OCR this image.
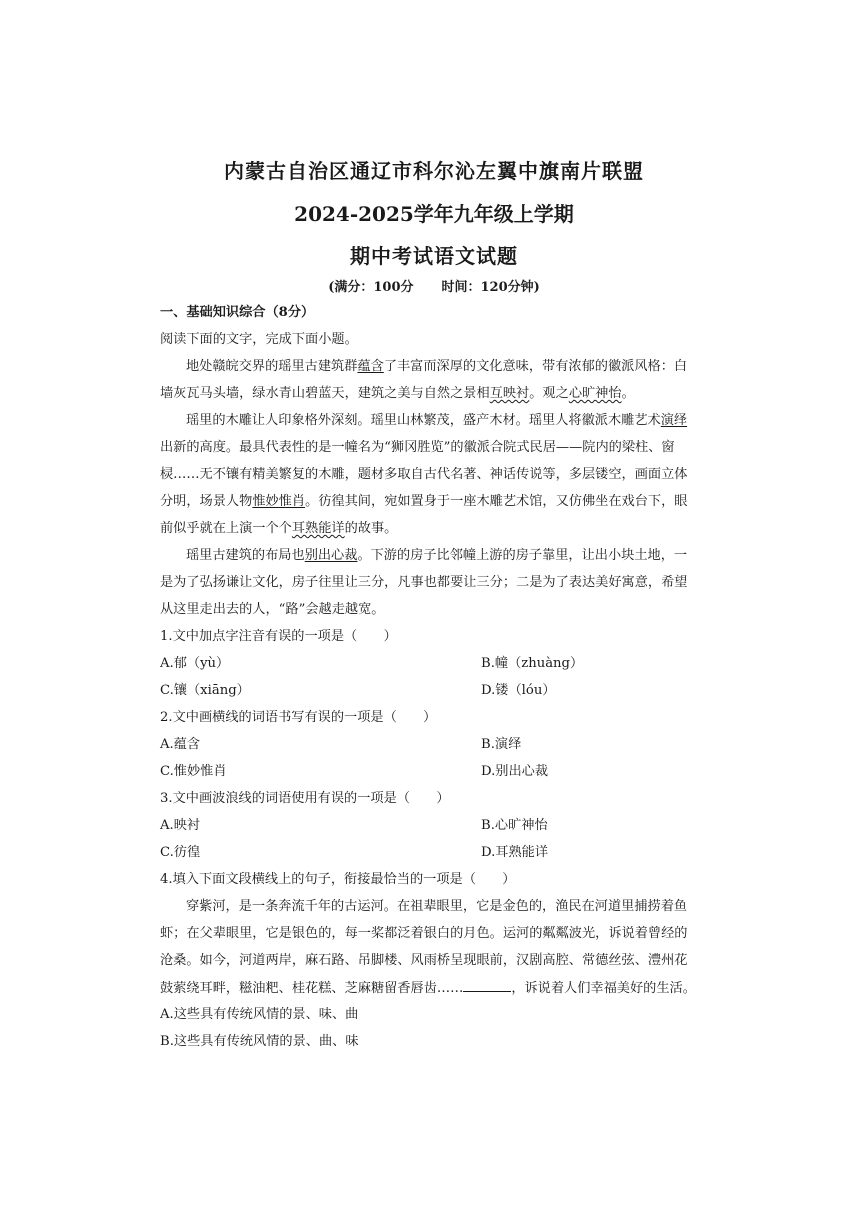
内蒙古自治区通辽市科尔沁左翼中旗南片联盟
2024-2025学年九年级上学期
期中考试语文试题
(满分：100分 时间：120分钟)
一、基础知识综合（8分）
阅读下面的文字，完成下面小题。
地处赣皖交界的瑶里古建筑群蕴含了丰富而深厚的文化意味，带有浓郁的徽派风格：白
墙灰瓦马头墙，绿水青山碧蓝天，建筑之美与自然之景相互映衬。观之心旷神怡。
瑶里的木雕让人印象格外深刻。瑶里山林繁茂，盛产木材。瑶里人将徽派木雕艺术演绎
出新的高度。最具代表性的是一幢名为“狮冈胜览”的徽派合院式民居——院内的梁柱、窗
棂……无不镶有精美繁复的木雕，题材多取自古代名著、神话传说等，多层镂空，画面立体
分明，场景人物惟妙惟肖。彷徨其间，宛如置身于一座木雕艺术馆，又仿佛坐在戏台下，眼
前似乎就在上演一个个耳熟能详的故事。
瑶里古建筑的布局也别出心裁。下游的房子比邻幢上游的房子靠里，让出小块土地，一
是为了弘扬谦让文化，房子往里让三分，凡事也都要让三分；二是为了表达美好寓意，希望
从这里走出去的人，“路”会越走越宽。
1.文中加点字注音有误的一项是（　　）
A.郁（yù）	B.幢（zhuàng）
C.镶（xiāng）	D.镂（lóu）
2.文中画横线的词语书写有误的一项是（　　）
A.蕴含	B.演绎
C.惟妙惟肖	D.别出心裁
3.文中画波浪线的词语使用有误的一项是（　　）
A.映衬	B.心旷神怡
C.彷徨	D.耳熟能详
4.填入下面文段横线上的句子，衔接最恰当的一项是（　　）
穿紫河，是一条奔流千年的古运河。在祖辈眼里，它是金色的，渔民在河道里捕捞着鱼
虾；在父辈眼里，它是银色的，每一桨都泛着银白的月色。运河的粼粼波光，诉说着曾经的
沧桑。如今，河道两岸，麻石路、吊脚楼、风雨桥呈现眼前，汉剧高腔、常德丝弦、澧州花
鼓萦绕耳畔，糍油粑、桂花糕、芝麻糖留香唇齿……	，诉说着人们幸福美好的生活。
A.这些具有传统风情的景、味、曲
B.这些具有传统风情的景、曲、味
